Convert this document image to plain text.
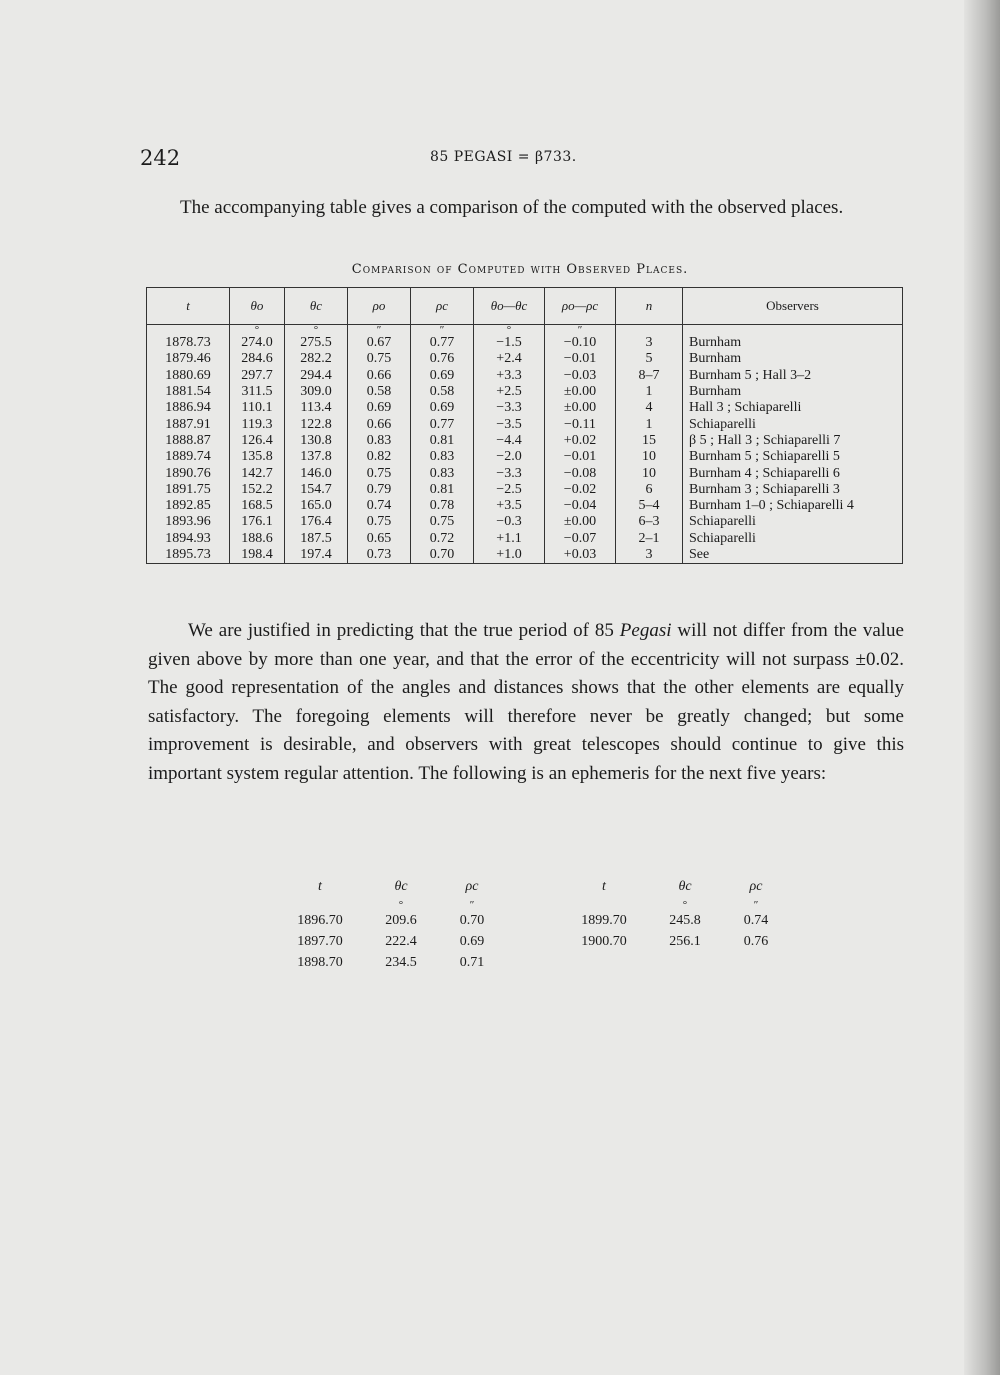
242	85 PEGASI = β733.
The accompanying table gives a comparison of the computed with the observed places.
Comparison of Computed with Observed Places.
t	θo	θc	ρo	ρc	θo—θc	ρo—ρc	n	Observers
	°	°	″	″	°	″		
1878.73	274.0	275.5	0.67	0.77	−1.5	−0.10	3	Burnham
1879.46	284.6	282.2	0.75	0.76	+2.4	−0.01	5	Burnham
1880.69	297.7	294.4	0.66	0.69	+3.3	−0.03	8–7	Burnham 5 ; Hall 3–2
1881.54	311.5	309.0	0.58	0.58	+2.5	±0.00	1	Burnham
1886.94	110.1	113.4	0.69	0.69	−3.3	±0.00	4	Hall 3 ; Schiaparelli
1887.91	119.3	122.8	0.66	0.77	−3.5	−0.11	1	Schiaparelli
1888.87	126.4	130.8	0.83	0.81	−4.4	+0.02	15	β 5 ; Hall 3 ; Schiaparelli 7
1889.74	135.8	137.8	0.82	0.83	−2.0	−0.01	10	Burnham 5 ; Schiaparelli 5
1890.76	142.7	146.0	0.75	0.83	−3.3	−0.08	10	Burnham 4 ; Schiaparelli 6
1891.75	152.2	154.7	0.79	0.81	−2.5	−0.02	6	Burnham 3 ; Schiaparelli 3
1892.85	168.5	165.0	0.74	0.78	+3.5	−0.04	5–4	Burnham 1–0 ; Schiaparelli 4
1893.96	176.1	176.4	0.75	0.75	−0.3	±0.00	6–3	Schiaparelli
1894.93	188.6	187.5	0.65	0.72	+1.1	−0.07	2–1	Schiaparelli
1895.73	198.4	197.4	0.73	0.70	+1.0	+0.03	3	See
We are justified in predicting that the true period of 85 Pegasi will not differ from the value given above by more than one year, and that the error of the eccentricity will not surpass ±0.02. The good representation of the angles and distances shows that the other elements are equally satisfactory. The foregoing elements will therefore never be greatly changed; but some improvement is desirable, and observers with great telescopes should continue to give this important system regular attention. The following is an ephemeris for the next five years:
t	θc	ρc
	°	″
1896.70	209.6	0.70
1897.70	222.4	0.69
1898.70	234.5	0.71
t	θc	ρc
	°	″
1899.70	245.8	0.74
1900.70	256.1	0.76
